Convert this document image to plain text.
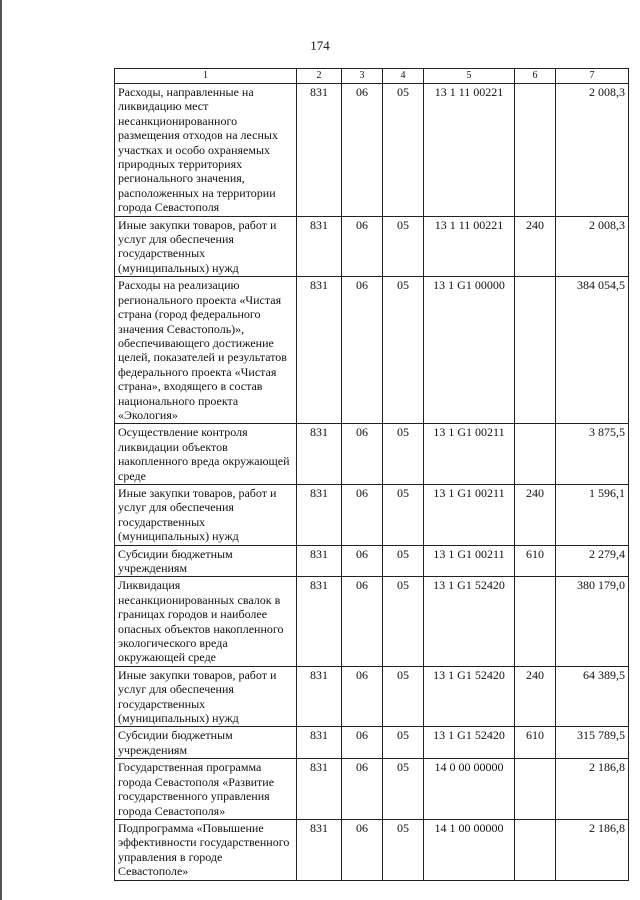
174
1	2	3	4	5	6	7
Расходы, направленные на ликвидацию мест несанкционированного размещения отходов на лесных участках и особо охраняемых природных территориях регионального значения, расположенных на территории города Севастополя	831	06	05	13 1 11 00221		2 008,3
Иные закупки товаров, работ и услуг для обеспечения государственных (муниципальных) нужд	831	06	05	13 1 11 00221	240	2 008,3
Расходы на реализацию регионального проекта «Чистая страна (город федерального значения Севастополь)», обеспечивающего достижение целей, показателей и результатов федерального проекта «Чистая страна», входящего в состав национального проекта «Экология»	831	06	05	13 1 G1 00000		384 054,5
Осуществление контроля ликвидации объектов накопленного вреда окружающей среде	831	06	05	13 1 G1 00211		3 875,5
Иные закупки товаров, работ и услуг для обеспечения государственных (муниципальных) нужд	831	06	05	13 1 G1 00211	240	1 596,1
Субсидии бюджетным учреждениям	831	06	05	13 1 G1 00211	610	2 279,4
Ликвидация несанкционированных свалок в границах городов и наиболее опасных объектов накопленного экологического вреда окружающей среде	831	06	05	13 1 G1 52420		380 179,0
Иные закупки товаров, работ и услуг для обеспечения государственных (муниципальных) нужд	831	06	05	13 1 G1 52420	240	64 389,5
Субсидии бюджетным учреждениям	831	06	05	13 1 G1 52420	610	315 789,5
Государственная программа города Севастополя «Развитие государственного управления города Севастополя»	831	06	05	14 0 00 00000		2 186,8
Подпрограмма «Повышение эффективности государственного управления в городе Севастополе»	831	06	05	14 1 00 00000		2 186,8
